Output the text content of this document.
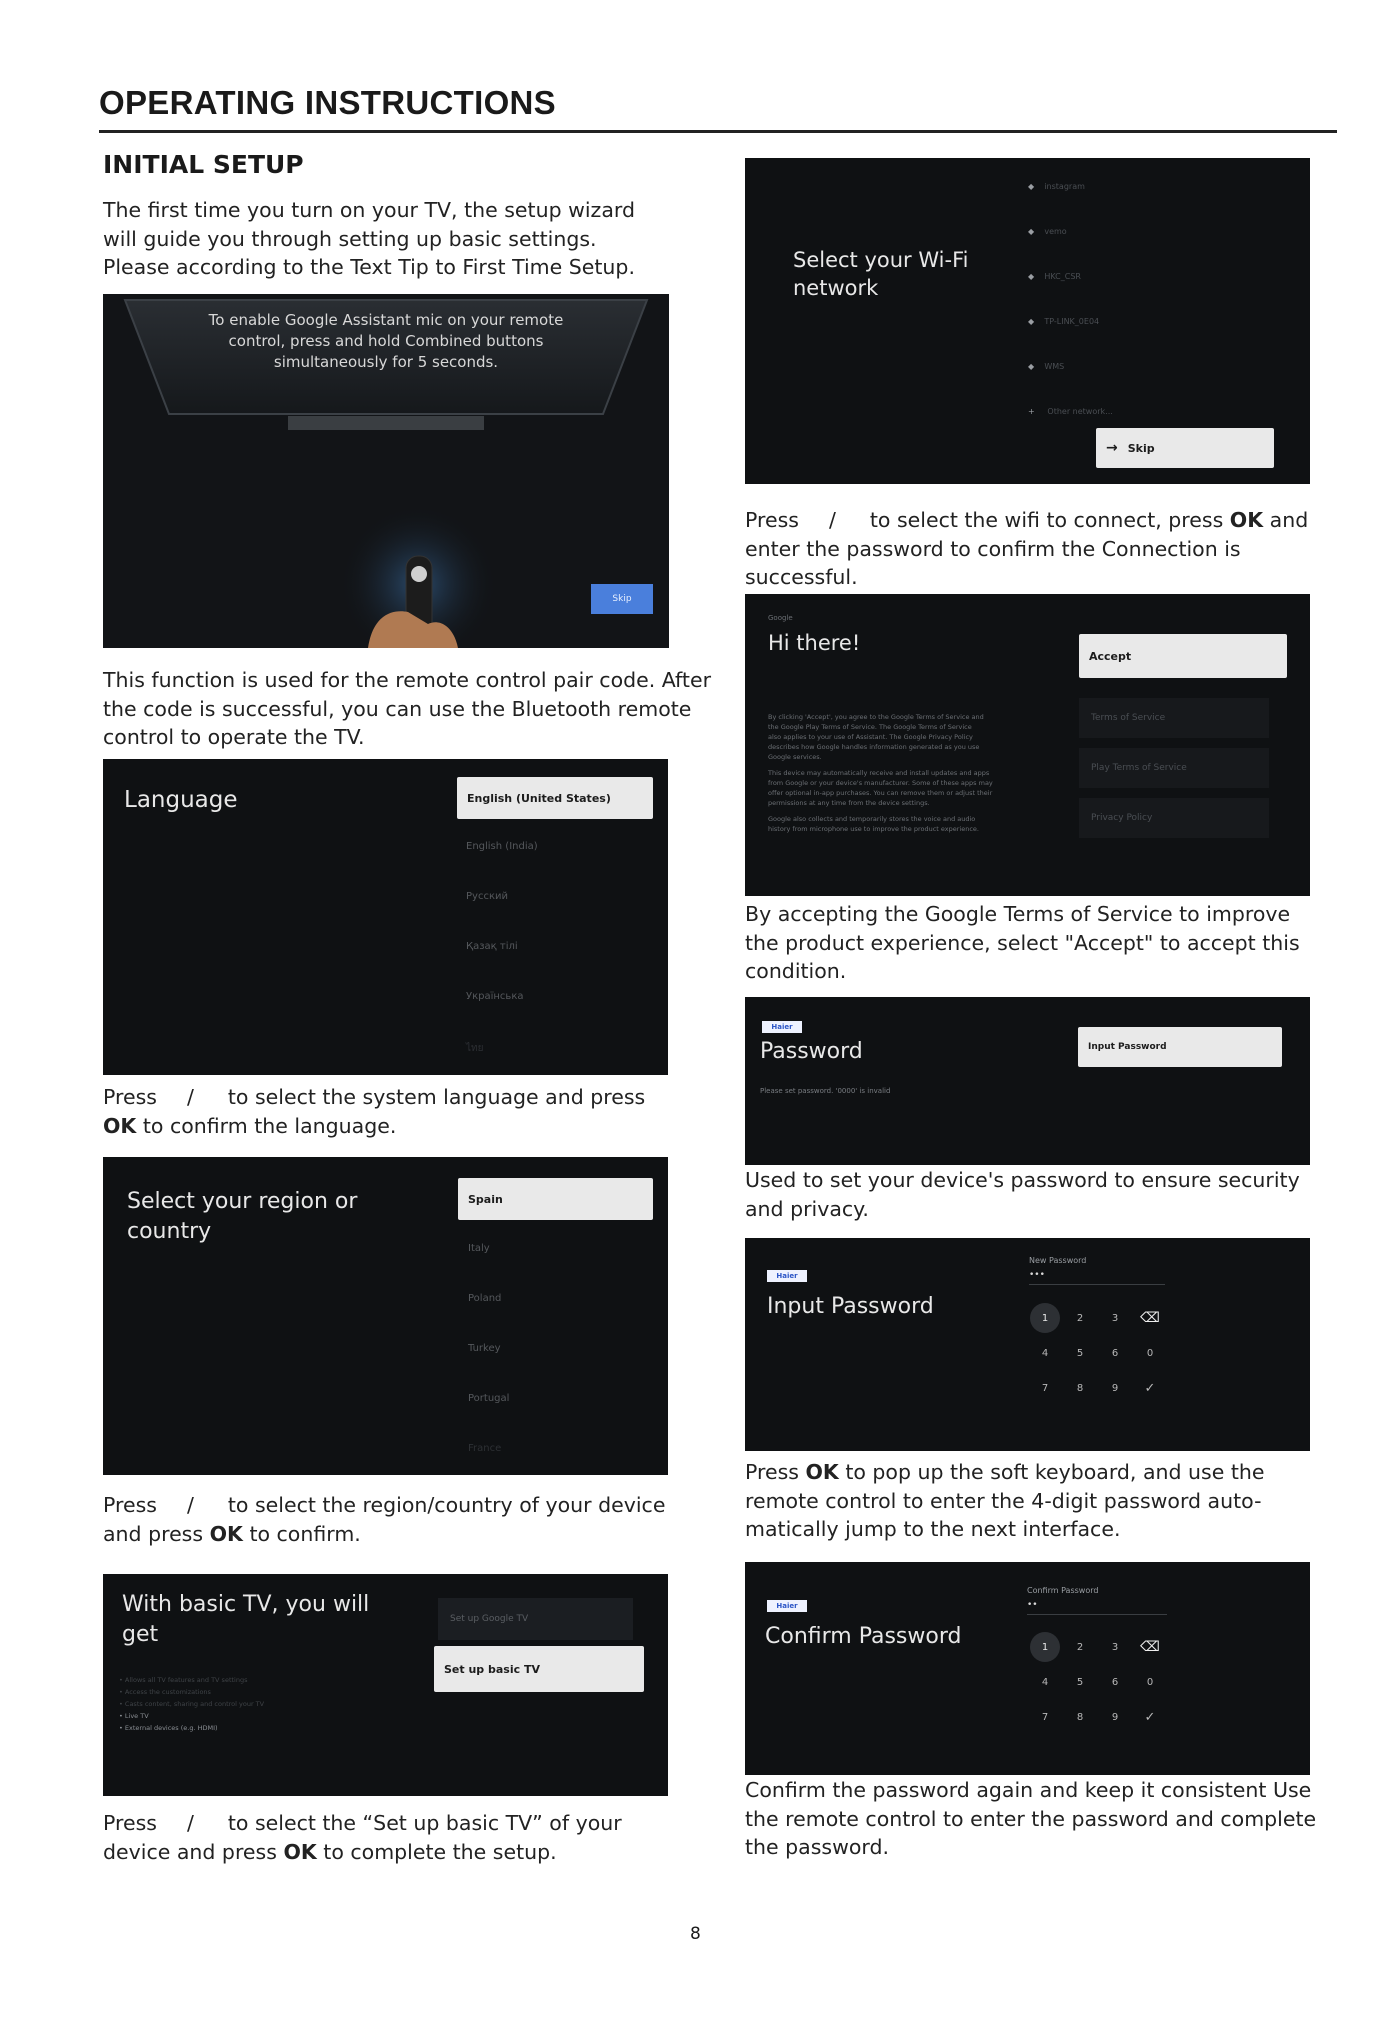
OPERATING INSTRUCTIONS
INITIAL SETUP
The first time you turn on your TV, the setup wizard
will guide you through setting up basic settings.
Please according to the Text Tip to First Time Setup.
To enable Google Assistant mic on your remote
control, press and hold Combined buttons
simultaneously for 5 seconds.
Skip
This function is used for the remote control pair code. After
the code is successful, you can use the Bluetooth remote
control to operate the TV.
Language	English (United States)
English (India)
Русский
Қазақ тілі
Українська
ไทย
Press / to select the system language and press
OK to confirm the language.
Select your region or
country
Spain
Italy
Poland
Turkey
Portugal
France
Press / to select the region/country of your device
and press OK to confirm.
With basic TV, you will
get
Set up Google TV
Set up basic TV
• Allows all TV features and TV settings
• Access the customizations
• Casts content, sharing and control your TV
• Live TV
• External devices (e.g. HDMI)
Press / to select the “Set up basic TV” of your
device and press OK to complete the setup.
Select your Wi-Fi
network
◆ instagram
◆ vemo
◆ HKC_CSR
◆ TP-LINK_0E04
◆ WMS
+ Other network...
→ Skip
Press / to select the wifi to connect, press OK and
enter the password to confirm the Connection is
successful.
Google
Hi there!
By clicking 'Accept', you agree to the Google Terms of Service and
the Google Play Terms of Service. The Google Terms of Service
also applies to your use of Assistant. The Google Privacy Policy
describes how Google handles information generated as you use
Google services.
This device may automatically receive and install updates and apps
from Google or your device's manufacturer. Some of these apps may
offer optional in-app purchases. You can remove them or adjust their
permissions at any time from the device settings.
Google also collects and temporarily stores the voice and audio
history from microphone use to improve the product experience.
Accept
Terms of Service
Play Terms of Service
Privacy Policy
By accepting the Google Terms of Service to improve
the product experience, select "Accept" to accept this
condition.
Haier
Password
Please set password. '0000' is invalid
Input Password
Used to set your device's password to ensure security
and privacy.
Haier
Input Password
New Password
•••
1	2	3	⌫
4	5	6	0
7	8	9	✓
Press OK to pop up the soft keyboard, and use the
remote control to enter the 4-digit password auto-
matically jump to the next interface.
Haier
Confirm Password
Confirm Password
••
1	2	3	⌫
4	5	6	0
7	8	9	✓
Confirm the password again and keep it consistent Use
the remote control to enter the password and complete
the password.
8
